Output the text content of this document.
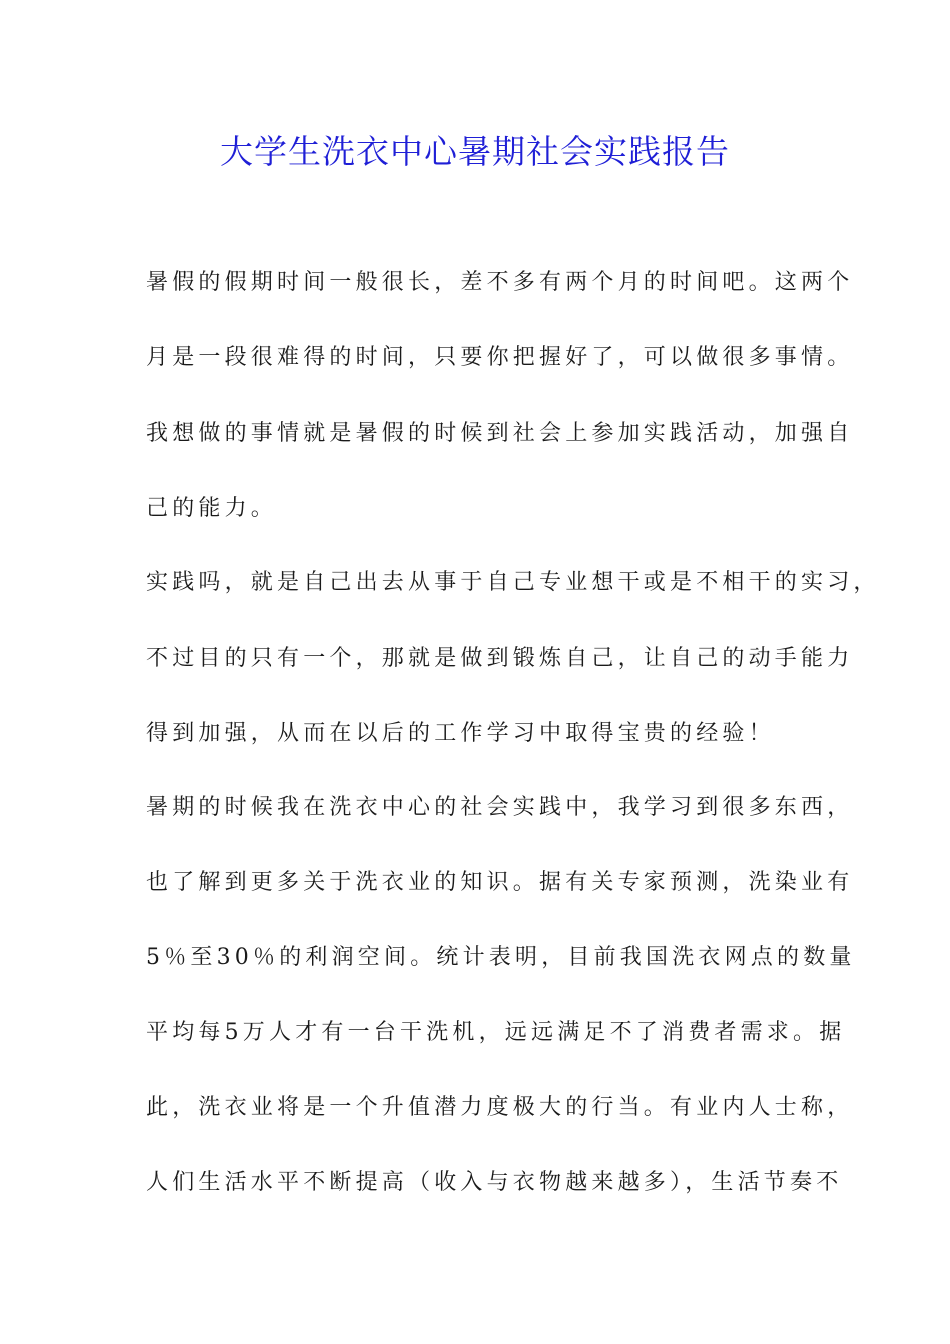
大学生洗衣中心暑期社会实践报告
暑假的假期时间一般很长，差不多有两个月的时间吧。这两个
月是一段很难得的时间，只要你把握好了，可以做很多事情。
我想做的事情就是暑假的时候到社会上参加实践活动，加强自
己的能力。
实践吗，就是自己出去从事于自己专业想干或是不相干的实习，
不过目的只有一个，那就是做到锻炼自己，让自己的动手能力
得到加强，从而在以后的工作学习中取得宝贵的经验！
暑期的时候我在洗衣中心的社会实践中，我学习到很多东西，
也了解到更多关于洗衣业的知识。据有关专家预测，洗染业有
5％至30％的利润空间。统计表明，目前我国洗衣网点的数量
平均每5万人才有一台干洗机，远远满足不了消费者需求。据
此，洗衣业将是一个升值潜力度极大的行当。有业内人士称，
人们生活水平不断提高（收入与衣物越来越多），生活节奏不
